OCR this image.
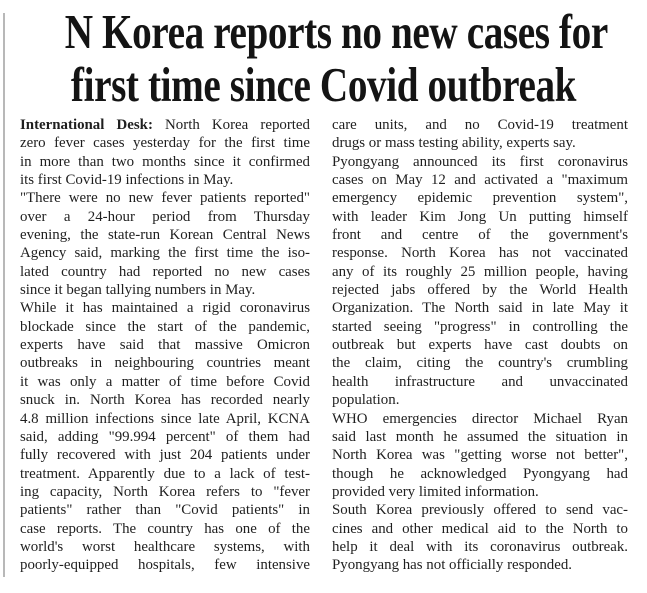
N Korea reports no new cases for
first time since Covid outbreak
International Desk: North Korea reported
zero fever cases yesterday for the first time
in more than two months since it confirmed
its first Covid-19 infections in May.
"There were no new fever patients reported"
over a 24-hour period from Thursday
evening, the state-run Korean Central News
Agency said, marking the first time the iso-
lated country had reported no new cases
since it began tallying numbers in May.
While it has maintained a rigid coronavirus
blockade since the start of the pandemic,
experts have said that massive Omicron
outbreaks in neighbouring countries meant
it was only a matter of time before Covid
snuck in. North Korea has recorded nearly
4.8 million infections since late April, KCNA
said, adding "99.994 percent" of them had
fully recovered with just 204 patients under
treatment. Apparently due to a lack of test-
ing capacity, North Korea refers to "fever
patients" rather than "Covid patients" in
case reports. The country has one of the
world's worst healthcare systems, with
poorly-equipped hospitals, few intensive
care units, and no Covid-19 treatment
drugs or mass testing ability, experts say.
Pyongyang announced its first coronavirus
cases on May 12 and activated a "maximum
emergency epidemic prevention system",
with leader Kim Jong Un putting himself
front and centre of the government's
response. North Korea has not vaccinated
any of its roughly 25 million people, having
rejected jabs offered by the World Health
Organization. The North said in late May it
started seeing "progress" in controlling the
outbreak but experts have cast doubts on
the claim, citing the country's crumbling
health infrastructure and unvaccinated
population.
WHO emergencies director Michael Ryan
said last month he assumed the situation in
North Korea was "getting worse not better",
though he acknowledged Pyongyang had
provided very limited information.
South Korea previously offered to send vac-
cines and other medical aid to the North to
help it deal with its coronavirus outbreak.
Pyongyang has not officially responded.
